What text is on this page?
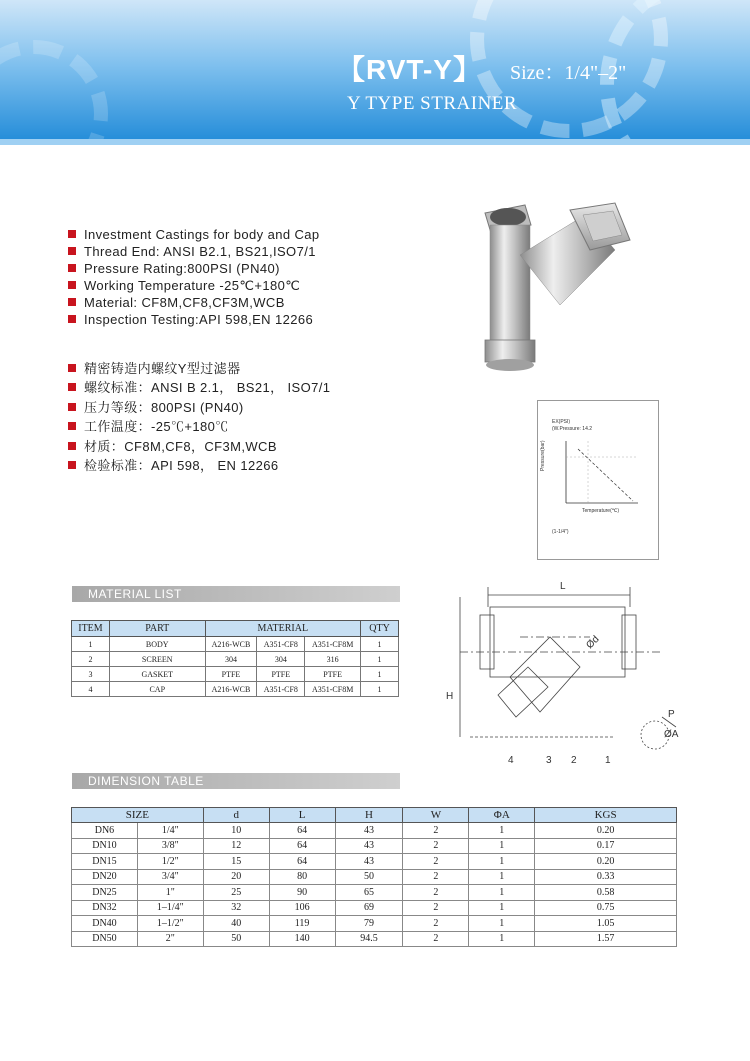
【RVT-Y】 Size：1/4"–2"
Y TYPE STRAINER
Investment Castings for body and Cap
Thread End: ANSI B2.1, BS21,ISO7/1
Pressure Rating:800PSI (PN40)
Working Temperature -25℃+180℃
Material: CF8M,CF8,CF3M,WCB
Inspection Testing:API 598,EN 12266
精密铸造内螺纹Y型过滤器
螺纹标准：ANSI B 2.1， BS21， ISO7/1
压力等级：800PSI (PN40)
工作温度：-25℃+180℃
材质：CF8M,CF8，CF3M,WCB
检验标准：API 598， EN 12266
EX(PSI)
(W.Pressure: 14.2
Temperature(℃)
Pressure(bar)
(1-1/4")
MATERIAL LIST
ITEM	PART	MATERIAL			QTY
1	BODY	A216-WCB	A351-CF8	A351-CF8M	1
2	SCREEN	304	304	316	1
3	GASKET	PTFE	PTFE	PTFE	1
4	CAP	A216-WCB	A351-CF8	A351-CF8M	1
L
H
Ød
P
ØA
4	3 2	1
DIMENSION TABLE
SIZE		d	L	H	W	ΦA	KGS
DN6	1/4"	10	64	43	2	1	0.20
DN10	3/8"	12	64	43	2	1	0.17
DN15	1/2"	15	64	43	2	1	0.20
DN20	3/4"	20	80	50	2	1	0.33
DN25	1"	25	90	65	2	1	0.58
DN32	1–1/4"	32	106	69	2	1	0.75
DN40	1–1/2"	40	119	79	2	1	1.05
DN50	2"	50	140	94.5	2	1	1.57
